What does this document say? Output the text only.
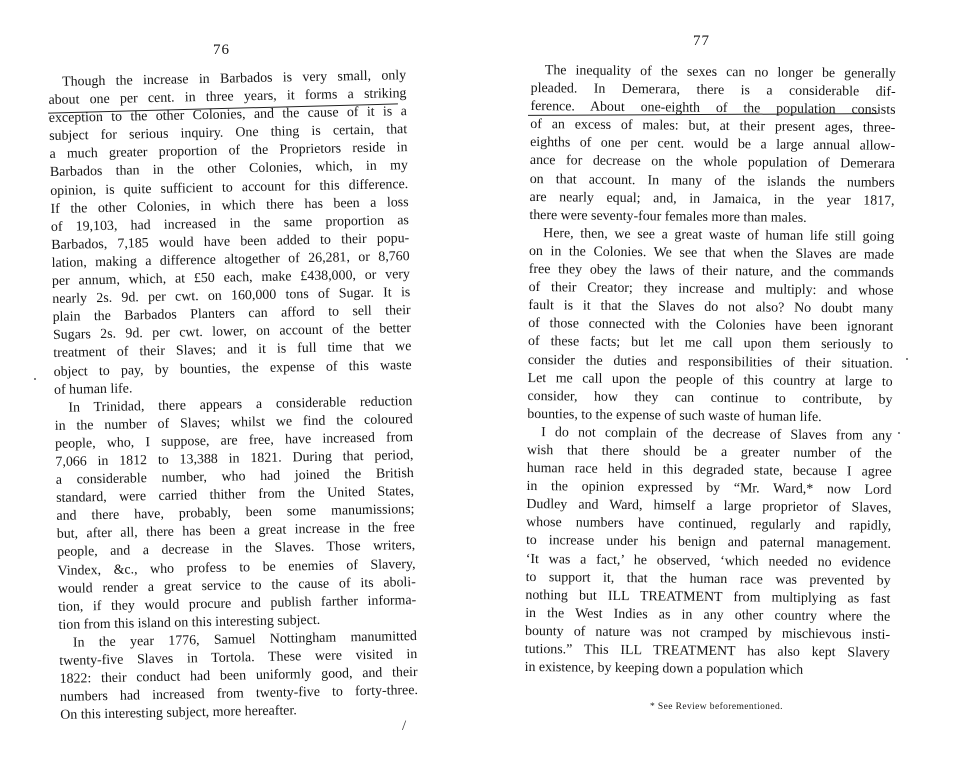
76
Though the increase in Barbados is very small, only
about one per cent. in three years, it forms a striking
exception to the other Colonies, and the cause of it is a
subject for serious inquiry. One thing is certain, that
a much greater proportion of the Proprietors reside in
Barbados than in the other Colonies, which, in my
opinion, is quite sufficient to account for this difference.
If the other Colonies, in which there has been a loss
of 19,103, had increased in the same proportion as
Barbados, 7,185 would have been added to their popu-
lation, making a difference altogether of 26,281, or 8,760
per annum, which, at £50 each, make £438,000, or very
nearly 2s. 9d. per cwt. on 160,000 tons of Sugar. It is
plain the Barbados Planters can afford to sell their
Sugars 2s. 9d. per cwt. lower, on account of the better
treatment of their Slaves; and it is full time that we
object to pay, by bounties, the expense of this waste
of human life.
In Trinidad, there appears a considerable reduction
in the number of Slaves; whilst we find the coloured
people, who, I suppose, are free, have increased from
7,066 in 1812 to 13,388 in 1821. During that period,
a considerable number, who had joined the British
standard, were carried thither from the United States,
and there have, probably, been some manumissions;
but, after all, there has been a great increase in the free
people, and a decrease in the Slaves. Those writers,
Vindex, &c., who profess to be enemies of Slavery,
would render a great service to the cause of its aboli-
tion, if they would procure and publish farther informa-
tion from this island on this interesting subject.
In the year 1776, Samuel Nottingham manumitted
twenty-five Slaves in Tortola. These were visited in
1822: their conduct had been uniformly good, and their
numbers had increased from twenty-five to forty-three.
On this interesting subject, more hereafter.
/
77
The inequality of the sexes can no longer be generally
pleaded. In Demerara, there is a considerable dif-
ference. About one-eighth of the population consists
of an excess of males: but, at their present ages, three-
eighths of one per cent. would be a large annual allow-
ance for decrease on the whole population of Demerara
on that account. In many of the islands the numbers
are nearly equal; and, in Jamaica, in the year 1817,
there were seventy-four females more than males.
Here, then, we see a great waste of human life still going
on in the Colonies. We see that when the Slaves are made
free they obey the laws of their nature, and the commands
of their Creator; they increase and multiply: and whose
fault is it that the Slaves do not also? No doubt many
of those connected with the Colonies have been ignorant
of these facts; but let me call upon them seriously to
consider the duties and responsibilities of their situation.
Let me call upon the people of this country at large to
consider, how they can continue to contribute, by
bounties, to the expense of such waste of human life.
I do not complain of the decrease of Slaves from any
wish that there should be a greater number of the
human race held in this degraded state, because I agree
in the opinion expressed by “Mr. Ward,* now Lord
Dudley and Ward, himself a large proprietor of Slaves,
whose numbers have continued, regularly and rapidly,
to increase under his benign and paternal management.
‘It was a fact,’ he observed, ‘which needed no evidence
to support it, that the human race was prevented by
nothing but ILL TREATMENT from multiplying as fast
in the West Indies as in any other country where the
bounty of nature was not cramped by mischievous insti-
tutions.” This ILL TREATMENT has also kept Slavery
in existence, by keeping down a population which
* See Review beforementioned.
